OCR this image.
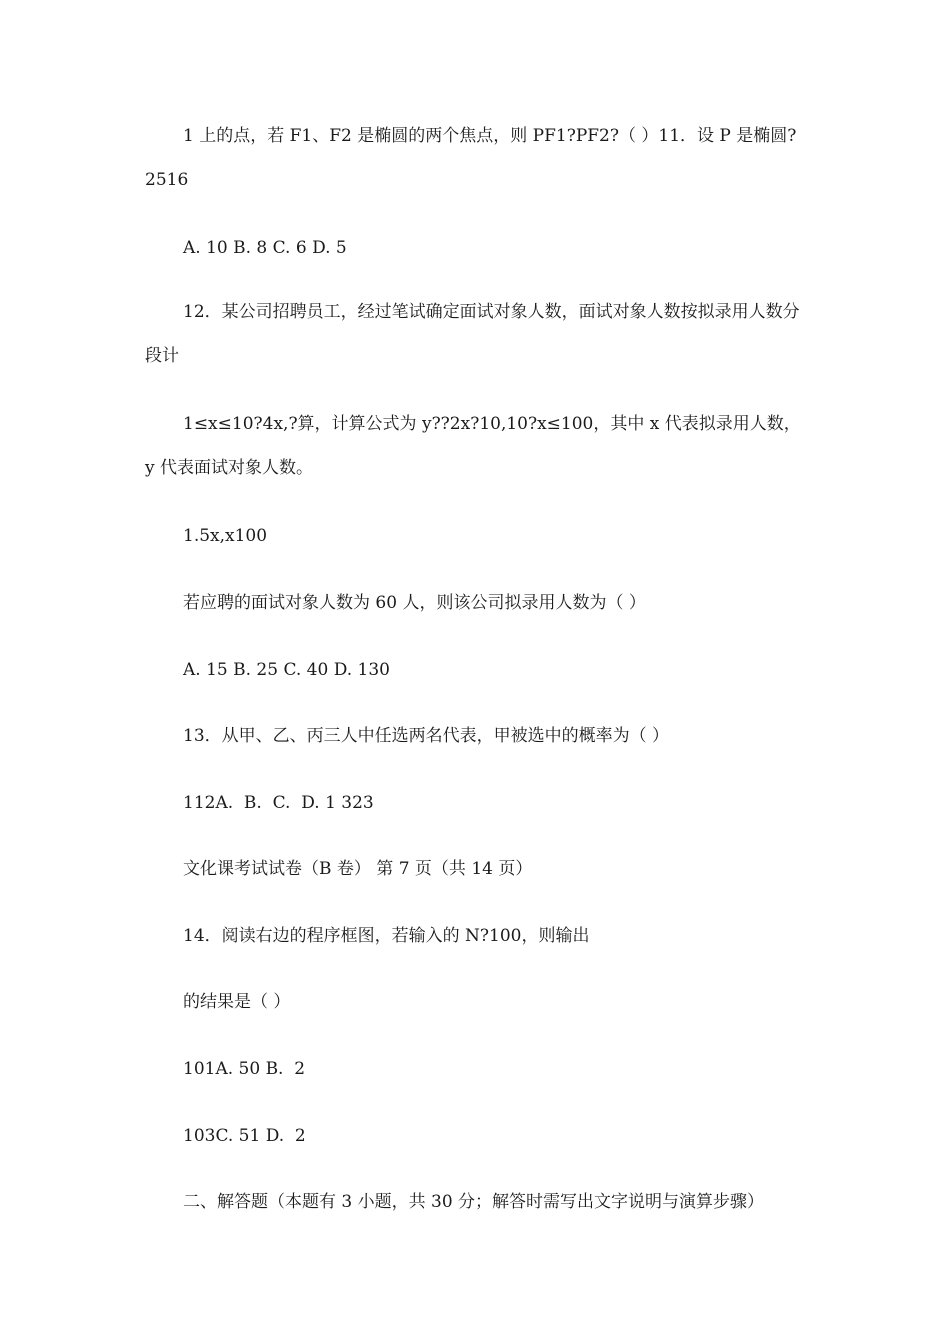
1 上的点，若 F1、F2 是椭圆的两个焦点，则 PF1?PF2?（ ）11．设 P 是椭圆? 2516
A. 10 B. 8 C. 6 D. 5
12．某公司招聘员工，经过笔试确定面试对象人数，面试对象人数按拟录用人数分段计
1≤x≤10?4x,?算，计算公式为 y??2x?10,10?x≤100，其中 x 代表拟录用人数，y 代表面试对象人数。
1.5x,x100
若应聘的面试对象人数为 60 人，则该公司拟录用人数为（ ）
A. 15 B. 25 C. 40 D. 130
13．从甲、乙、丙三人中任选两名代表，甲被选中的概率为（ ）
112A.  B.  C.  D. 1 323
文化课考试试卷（B 卷） 第 7 页（共 14 页）
14．阅读右边的程序框图，若输入的 N?100，则输出
的结果是（ ）
101A. 50 B.  2
103C. 51 D.  2
二、解答题（本题有 3 小题，共 30 分；解答时需写出文字说明与演算步骤）
